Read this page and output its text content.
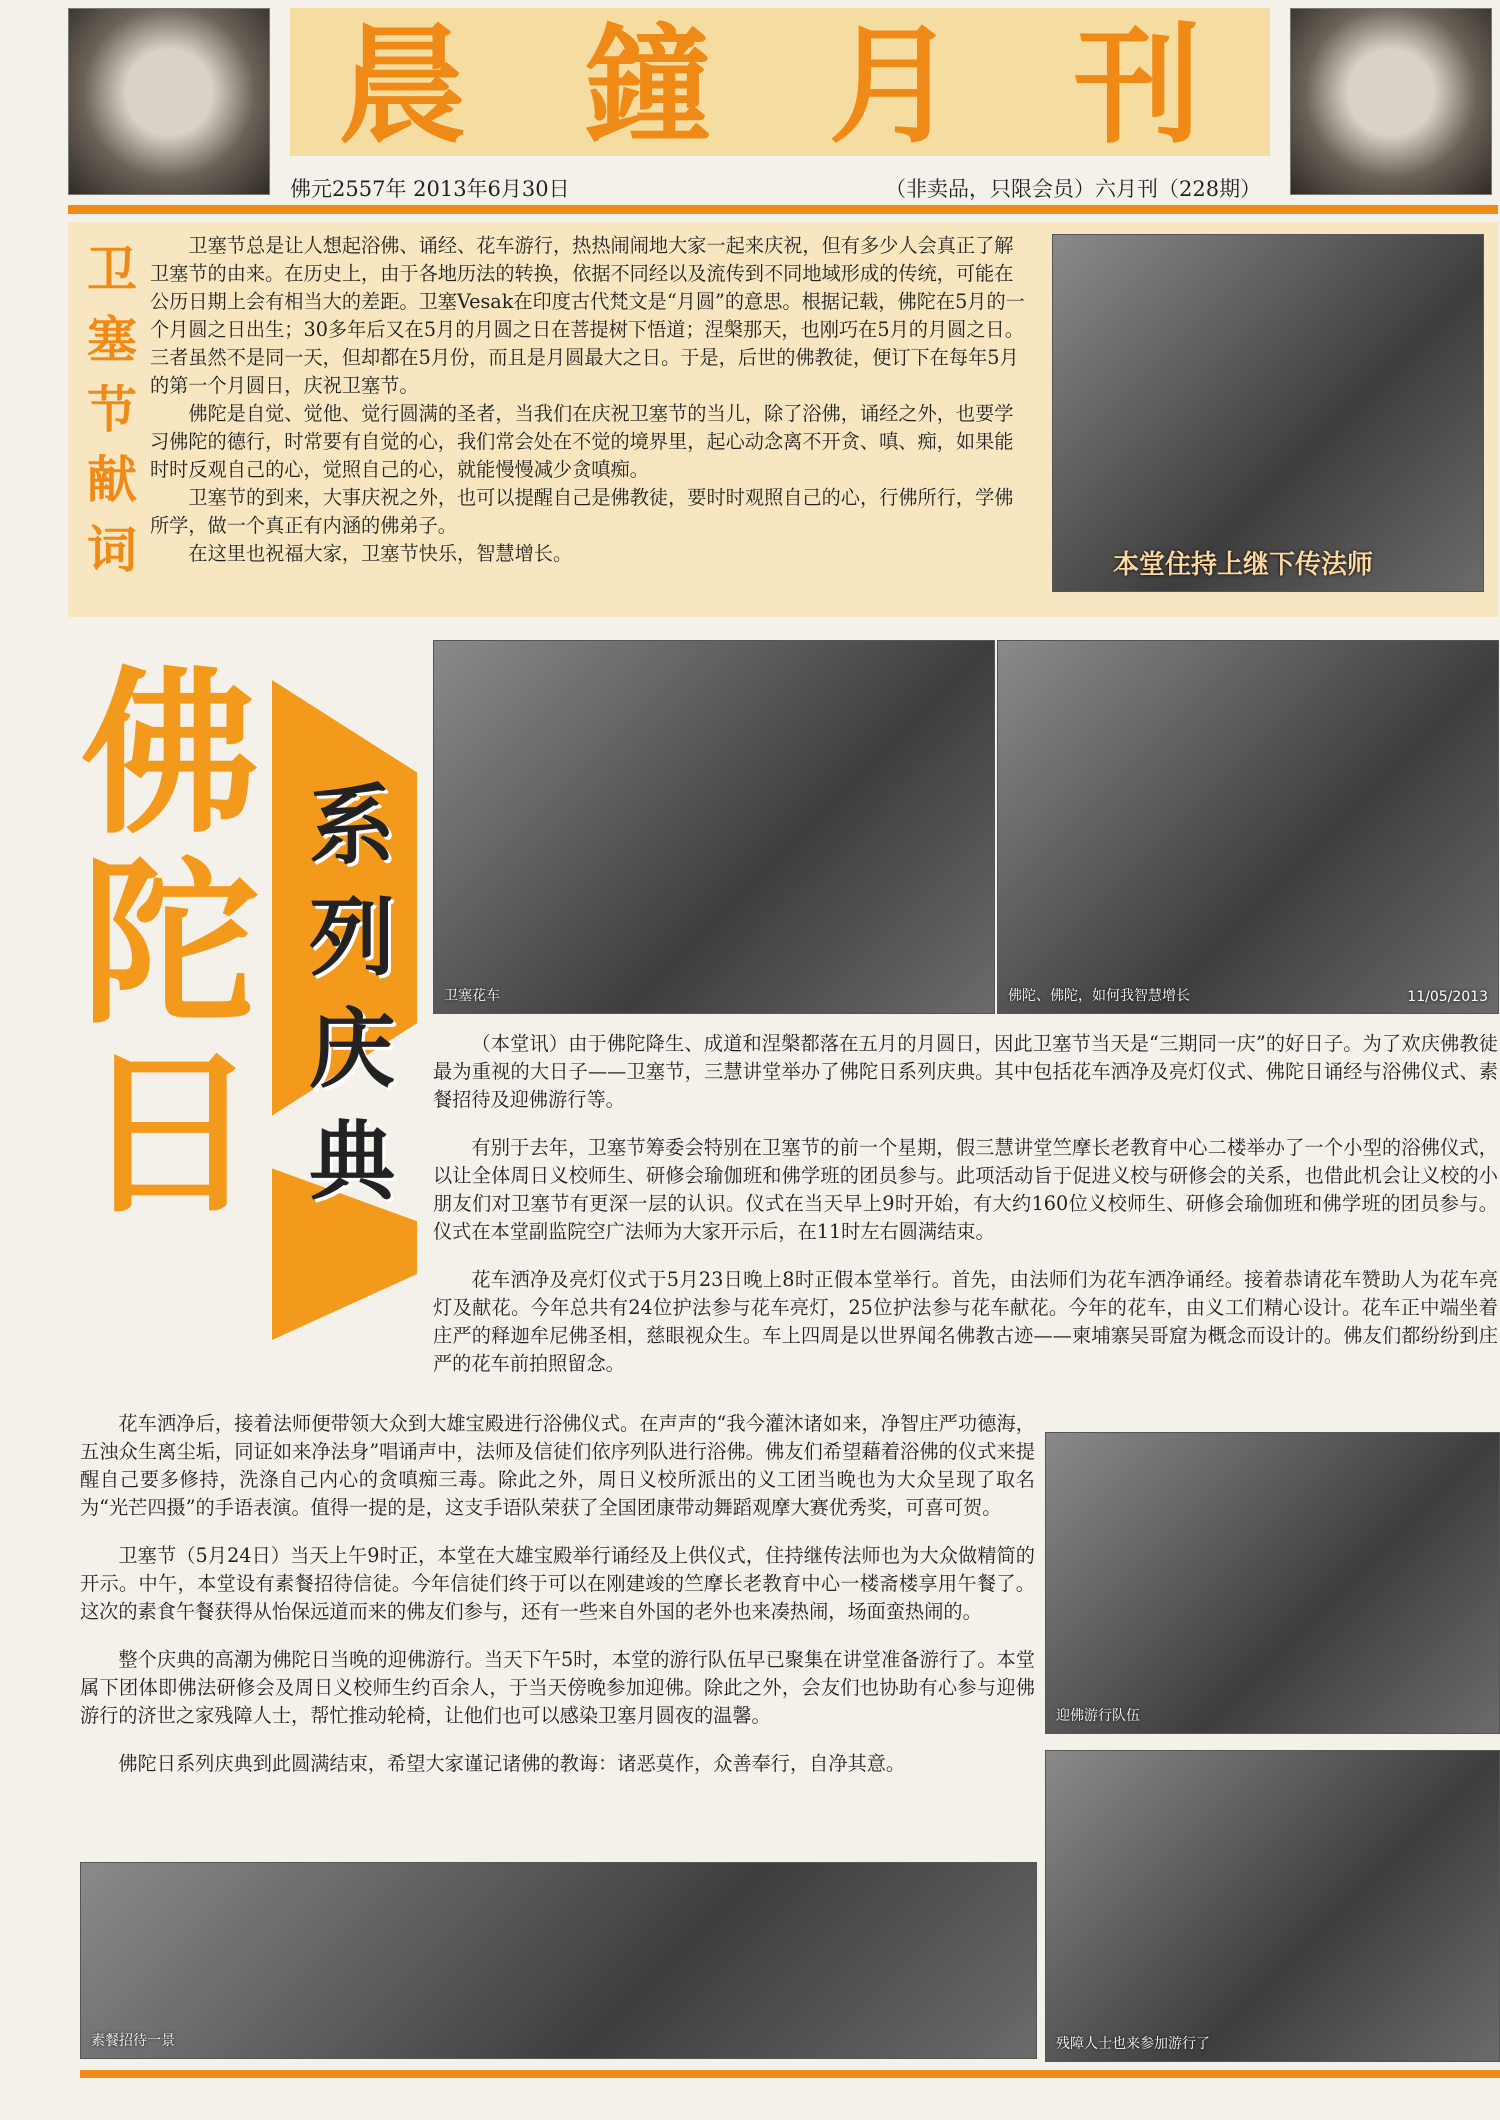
晨 鐘 月 刊
佛元2557年 2013年6月30日	（非卖品，只限会员）六月刊（228期）
卫塞节献词

卫塞节总是让人想起浴佛、诵经、花车游行，热热闹闹地大家一起来庆祝，但有多少人会真正了解卫塞节的由来。在历史上，由于各地历法的转换，依据不同经以及流传到不同地域形成的传统，可能在公历日期上会有相当大的差距。卫塞Vesak在印度古代梵文是“月圆”的意思。根据记载，佛陀在5月的一个月圆之日出生；30多年后又在5月的月圆之日在菩提树下悟道；涅槃那天，也刚巧在5月的月圆之日。三者虽然不是同一天，但却都在5月份，而且是月圆最大之日。于是，后世的佛教徒，便订下在每年5月的第一个月圆日，庆祝卫塞节。

佛陀是自觉、觉他、觉行圆满的圣者，当我们在庆祝卫塞节的当儿，除了浴佛，诵经之外，也要学习佛陀的德行，时常要有自觉的心，我们常会处在不觉的境界里，起心动念离不开贪、嗔、痴，如果能时时反观自己的心，觉照自己的心，就能慢慢减少贪嗔痴。

卫塞节的到来，大事庆祝之外，也可以提醒自己是佛教徒，要时时观照自己的心，行佛所行，学佛所学，做一个真正有内涵的佛弟子。

在这里也祝福大家，卫塞节快乐，智慧增长。	本堂住持上继下传法师
佛陀日
系列庆典
卫塞花车	佛陀、佛陀，如何我智慧增长	11/05/2013

（本堂讯）由于佛陀降生、成道和涅槃都落在五月的月圆日，因此卫塞节当天是“三期同一庆”的好日子。为了欢庆佛教徒最为重视的大日子——卫塞节，三慧讲堂举办了佛陀日系列庆典。其中包括花车洒净及亮灯仪式、佛陀日诵经与浴佛仪式、素餐招待及迎佛游行等。

有别于去年，卫塞节筹委会特别在卫塞节的前一个星期，假三慧讲堂竺摩长老教育中心二楼举办了一个小型的浴佛仪式，以让全体周日义校师生、研修会瑜伽班和佛学班的团员参与。此项活动旨于促进义校与研修会的关系，也借此机会让义校的小朋友们对卫塞节有更深一层的认识。仪式在当天早上9时开始，有大约160位义校师生、研修会瑜伽班和佛学班的团员参与。仪式在本堂副监院空广法师为大家开示后，在11时左右圆满结束。

花车洒净及亮灯仪式于5月23日晚上8时正假本堂举行。首先，由法师们为花车洒净诵经。接着恭请花车赞助人为花车亮灯及献花。今年总共有24位护法参与花车亮灯，25位护法参与花车献花。今年的花车，由义工们精心设计。花车正中端坐着庄严的释迦牟尼佛圣相，慈眼视众生。车上四周是以世界闻名佛教古迹——柬埔寨吴哥窟为概念而设计的。佛友们都纷纷到庄严的花车前拍照留念。

花车洒净后，接着法师便带领大众到大雄宝殿进行浴佛仪式。在声声的“我今灌沐诸如来，净智庄严功德海，五浊众生离尘垢，同证如来净法身”唱诵声中，法师及信徒们依序列队进行浴佛。佛友们希望藉着浴佛的仪式来提醒自己要多修持，洗涤自己内心的贪嗔痴三毒。除此之外，周日义校所派出的义工团当晚也为大众呈现了取名为“光芒四摄”的手语表演。值得一提的是，这支手语队荣获了全国团康带动舞蹈观摩大赛优秀奖，可喜可贺。

卫塞节（5月24日）当天上午9时正，本堂在大雄宝殿举行诵经及上供仪式，住持继传法师也为大众做精简的开示。中午，本堂设有素餐招待信徒。今年信徒们终于可以在刚建竣的竺摩长老教育中心一楼斋楼享用午餐了。这次的素食午餐获得从怡保远道而来的佛友们参与，还有一些来自外国的老外也来凑热闹，场面蛮热闹的。

整个庆典的高潮为佛陀日当晚的迎佛游行。当天下午5时，本堂的游行队伍早已聚集在讲堂准备游行了。本堂属下团体即佛法研修会及周日义校师生约百余人，于当天傍晚参加迎佛。除此之外，会友们也协助有心参与迎佛游行的济世之家残障人士，帮忙推动轮椅，让他们也可以感染卫塞月圆夜的温馨。

佛陀日系列庆典到此圆满结束，希望大家谨记诸佛的教诲：诸恶莫作，众善奉行，自净其意。

迎佛游行队伍
残障人士也来参加游行了
素餐招待一景
